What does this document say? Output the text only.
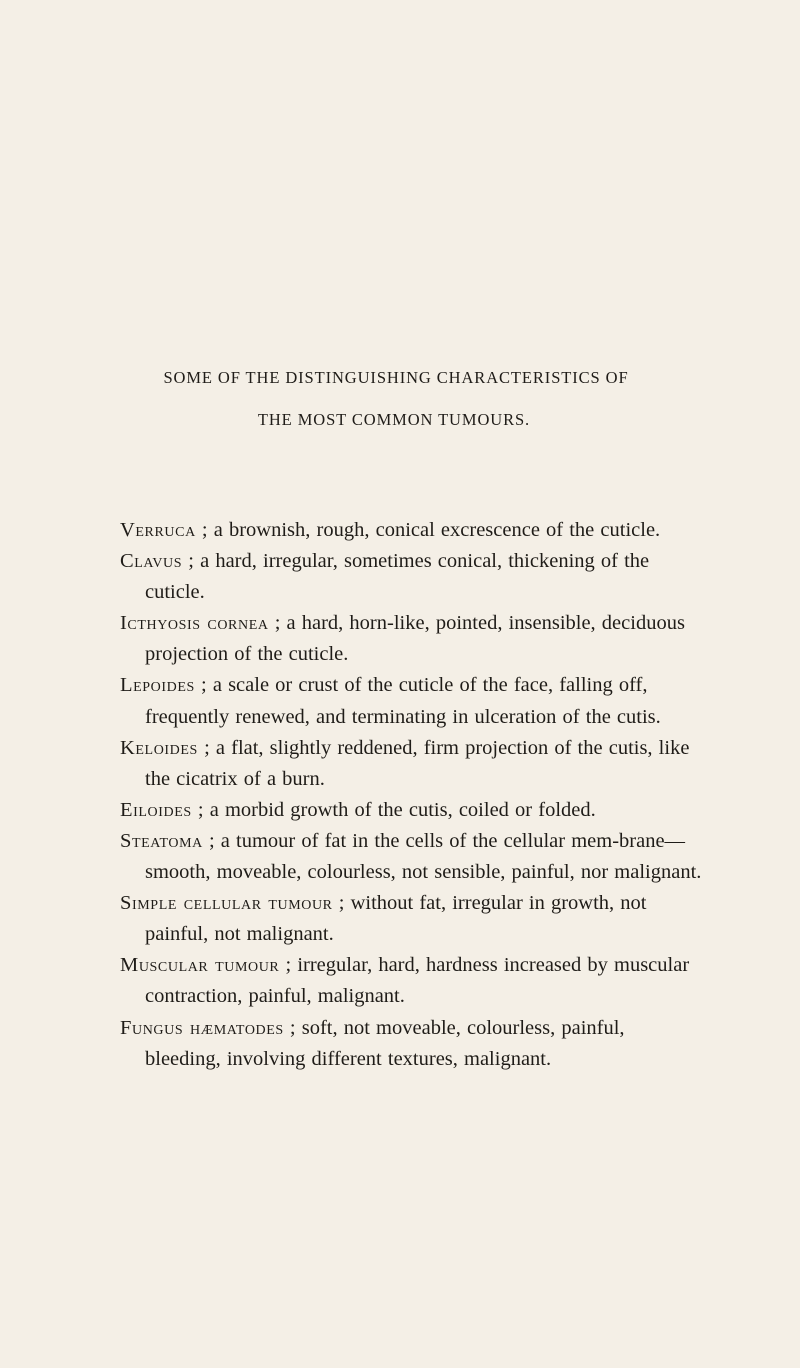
SOME OF THE DISTINGUISHING CHARACTERISTICS OF
THE MOST COMMON TUMOURS.
Verruca ; a brownish, rough, conical excrescence of the cuticle.
Clavus ; a hard, irregular, sometimes conical, thickening of the cuticle.
Icthyosis cornea ; a hard, horn-like, pointed, insensible, deciduous projection of the cuticle.
Lepoides ; a scale or crust of the cuticle of the face, falling off, frequently renewed, and terminating in ulceration of the cutis.
Keloides ; a flat, slightly reddened, firm projection of the cutis, like the cicatrix of a burn.
Eiloides ; a morbid growth of the cutis, coiled or folded.
Steatoma ; a tumour of fat in the cells of the cellular mem-brane—smooth, moveable, colourless, not sensible, painful, nor malignant.
Simple cellular tumour ; without fat, irregular in growth, not painful, not malignant.
Muscular tumour ; irregular, hard, hardness increased by muscular contraction, painful, malignant.
Fungus hæmatodes ; soft, not moveable, colourless, painful, bleeding, involving different textures, malignant.
